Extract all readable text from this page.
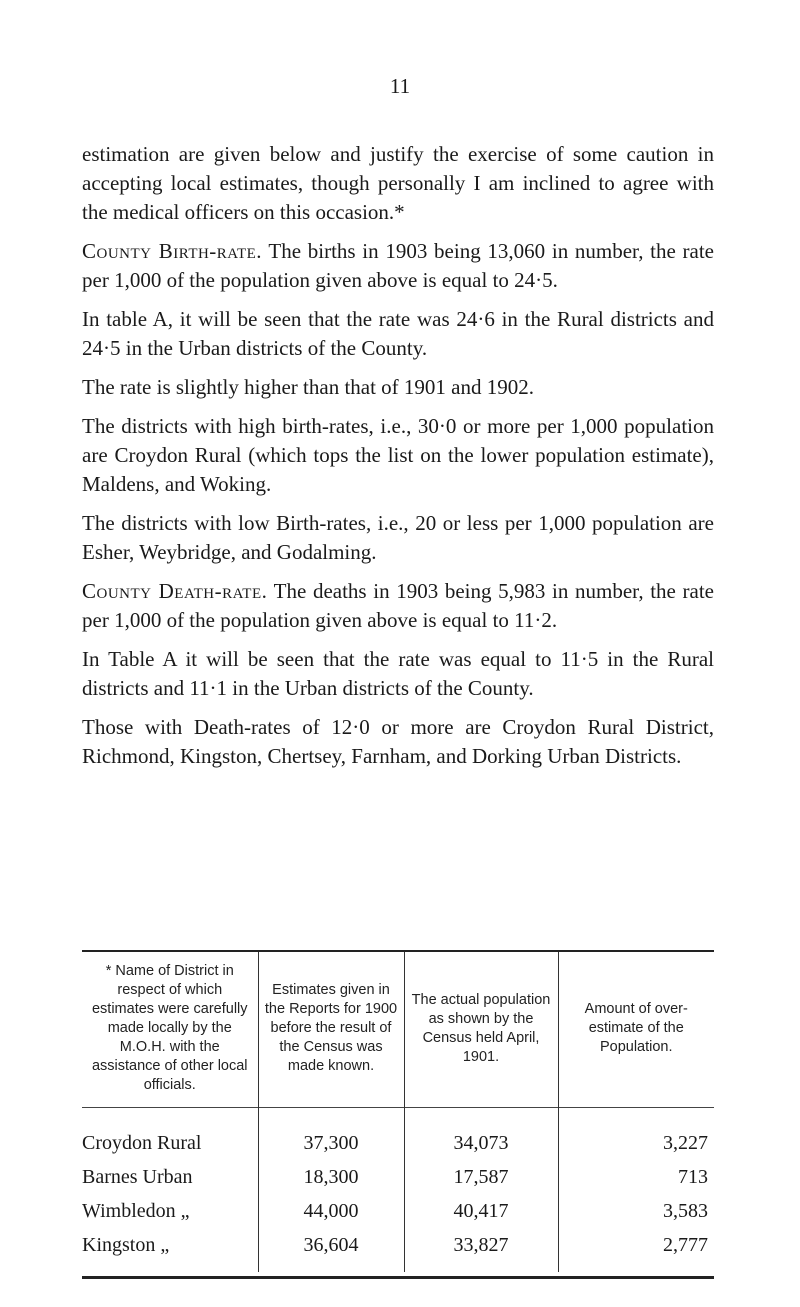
11

estimation are given below and justify the exercise of some caution in accepting local estimates, though personally I am inclined to agree with the medical officers on this occasion.*

County Birth-rate. The births in 1903 being 13,060 in number, the rate per 1,000 of the population given above is equal to 24·5.

In table A, it will be seen that the rate was 24·6 in the Rural districts and 24·5 in the Urban districts of the County.

The rate is slightly higher than that of 1901 and 1902.

The districts with high birth-rates, i.e., 30·0 or more per 1,000 population are Croydon Rural (which tops the list on the lower population estimate), Maldens, and Woking.

The districts with low Birth-rates, i.e., 20 or less per 1,000 population are Esher, Weybridge, and Godalming.

County Death-rate. The deaths in 1903 being 5,983 in number, the rate per 1,000 of the population given above is equal to 11·2.

In Table A it will be seen that the rate was equal to 11·5 in the Rural districts and 11·1 in the Urban districts of the County.

Those with Death-rates of 12·0 or more are Croydon Rural District, Richmond, Kingston, Chertsey, Farnham, and Dorking Urban Districts.

* Name of District in respect of which estimates were carefully made locally by the M.O.H. with the assistance of other local officials.	Estimates given in the Reports for 1900 before the result of the Census was made known.	The actual population as shown by the Census held April, 1901.	Amount of over-estimate of the Population.
Croydon Rural	37,300	34,073	3,227
Barnes Urban	18,300	17,587	713
Wimbledon „	44,000	40,417	3,583
Kingston „	36,604	33,827	2,777
